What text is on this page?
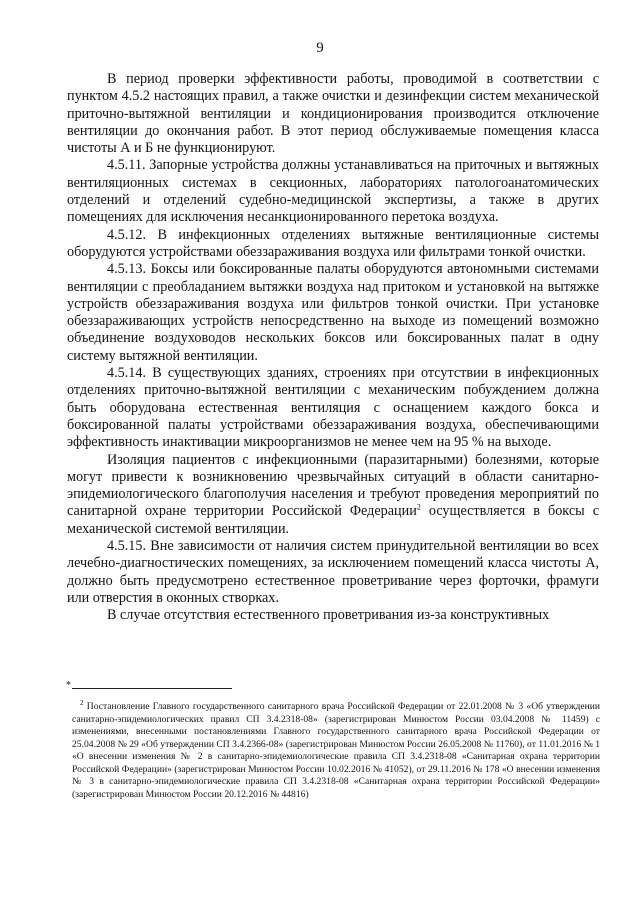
9

В период проверки эффективности работы, проводимой в соответствии с пунктом 4.5.2 настоящих правил, а также очистки и дезинфекции систем механической приточно-вытяжной вентиляции и кондиционирования производится отключение вентиляции до окончания работ. В этот период обслуживаемые помещения класса чистоты А и Б не функционируют.

4.5.11. Запорные устройства должны устанавливаться на приточных и вытяжных вентиляционных системах в секционных, лабораториях патологоанатомических отделений и отделений судебно-медицинской экспертизы, а также в других помещениях для исключения несанкционированного перетока воздуха.

4.5.12. В инфекционных отделениях вытяжные вентиляционные системы оборудуются устройствами обеззараживания воздуха или фильтрами тонкой очистки.

4.5.13. Боксы или боксированные палаты оборудуются автономными системами вентиляции с преобладанием вытяжки воздуха над притоком и установкой на вытяжке устройств обеззараживания воздуха или фильтров тонкой очистки. При установке обеззараживающих устройств непосредственно на выходе из помещений возможно объединение воздуховодов нескольких боксов или боксированных палат в одну систему вытяжной вентиляции.

4.5.14. В существующих зданиях, строениях при отсутствии в инфекционных отделениях приточно-вытяжной вентиляции с механическим побуждением должна быть оборудована естественная вентиляция с оснащением каждого бокса и боксированной палаты устройствами обеззараживания воздуха, обеспечивающими эффективность инактивации микроорганизмов не менее чем на 95 % на выходе.

Изоляция пациентов с инфекционными (паразитарными) болезнями, которые могут привести к возникновению чрезвычайных ситуаций в области санитарно-эпидемиологического благополучия населения и требуют проведения мероприятий по санитарной охране территории Российской Федерации$^2$ осуществляется в боксы с механической системой вентиляции.

4.5.15. Вне зависимости от наличия систем принудительной вентиляции во всех лечебно-диагностических помещениях, за исключением помещений класса чистоты А, должно быть предусмотрено естественное проветривание через форточки, фрамуги или отверстия в оконных створках.

В случае отсутствия естественного проветривания из-за конструктивных

*
$^2$ Постановление Главного государственного санитарного врача Российской Федерации от 22.01.2008 № 3 «Об утверждении санитарно-эпидемиологических правил СП 3.4.2318-08» (зарегистрирован Минюстом России 03.04.2008 № 11459) с изменениями, внесенными постановлениями Главного государственного санитарного врача Российской Федерации от 25.04.2008 № 29 «Об утверждении СП 3.4.2366-08» (зарегистрирован Минюстом России 26.05.2008 № 11760), от 11.01.2016 № 1 «О внесении изменения № 2 в санитарно-эпидемиологические правила СП 3.4.2318-08 «Санитарная охрана территории Российской Федерации» (зарегистрирован Минюстом России 10.02.2016 № 41052), от 29.11.2016 № 178 «О внесении изменения № 3 в санитарно-эпидемиологические правила СП 3.4.2318-08 «Санитарная охрана территории Российской Федерации» (зарегистрирован Минюстом России 20.12.2016 № 44816)
